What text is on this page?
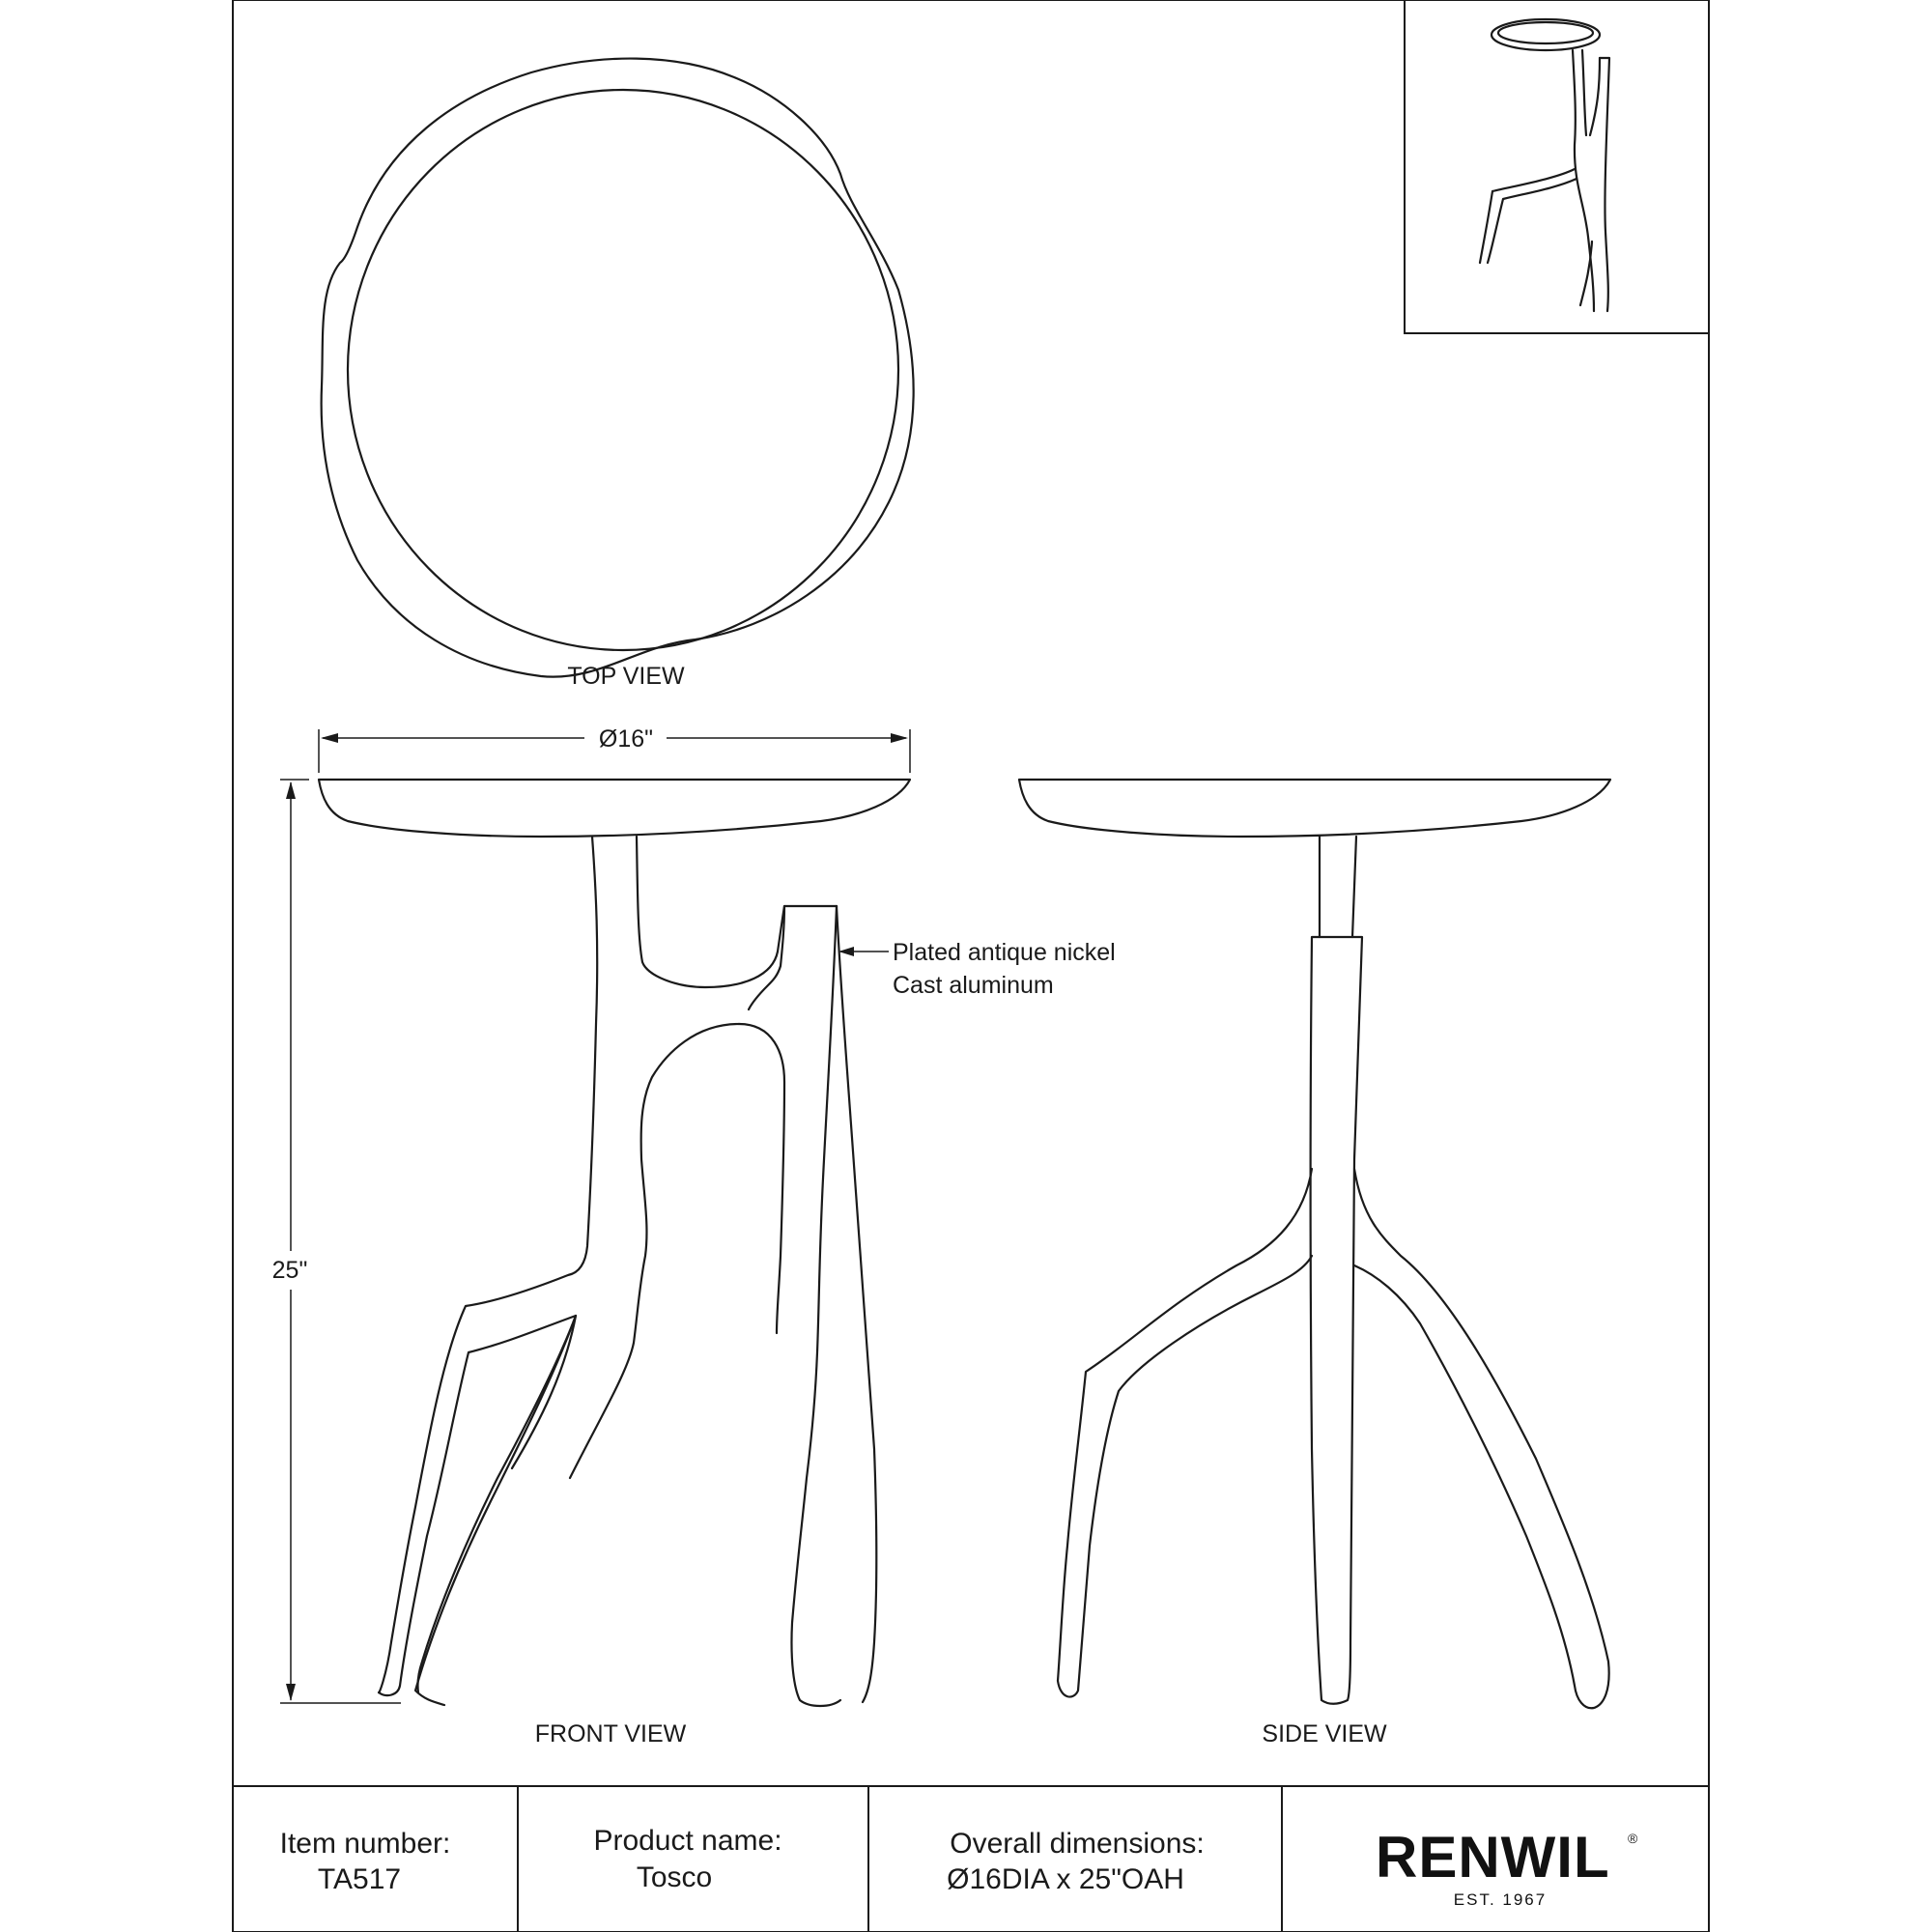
TOP VIEW
Ø16"
25"
FRONT VIEW
Plated antique nickel
Cast aluminum
SIDE VIEW
Item number:
TA517
Product name:
Tosco
Overall dimensions:
Ø16DIA x 25"OAH	RENWIL ®
EST. 1967
